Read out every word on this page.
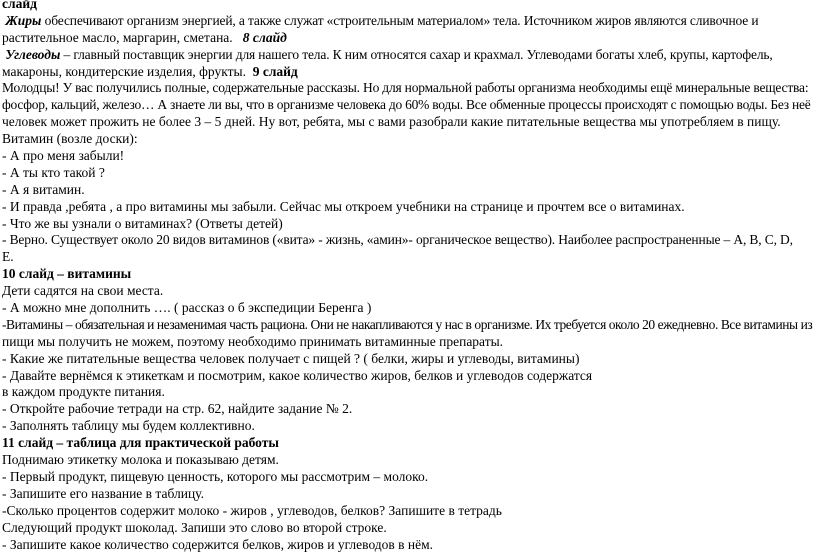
слайд
Жиры обеспечивают организм энергией, а также служат «строительным материалом» тела. Источником жиров являются сливочное и
растительное масло, маргарин, сметана. 8 слайд
Углеводы – главный поставщик энергии для нашего тела. К ним относятся сахар и крахмал. Углеводами богаты хлеб, крупы, картофель,
макароны, кондитерские изделия, фрукты. 9 слайд
Молодцы! У вас получились полные, содержательные рассказы. Но для нормальной работы организма необходимы ещё минеральные вещества:
фосфор, кальций, железо… А знаете ли вы, что в организме человека до 60% воды. Все обменные процессы происходят с помощью воды. Без неё
человек может прожить не более 3 – 5 дней. Ну вот, ребята, мы с вами разобрали какие питательные вещества мы употребляем в пищу.
Витамин (возле доски):
- А про меня забыли!
- А ты кто такой ?
- А я витамин.
- И правда ,ребята , а про витамины мы забыли. Сейчас мы откроем учебники на странице и прочтем все о витаминах.
- Что же вы узнали о витаминах? (Ответы детей)
- Верно. Существует около 20 видов витаминов («вита» - жизнь, «амин»- органическое вещество). Наиболее распространенные – А, В, С, D,
Е.
10 слайд – витамины
Дети садятся на свои места.
- А можно мне дополнить …. ( рассказ о б экспедиции Беренга )
-Витамины – обязательная и незаменимая часть рациона. Они не накапливаются у нас в организме. Их требуется около 20 ежедневно. Все витамины из
пищи мы получить не можем, поэтому необходимо принимать витаминные препараты.
- Какие же питательные вещества человек получает с пищей ? ( белки, жиры и углеводы, витамины)
- Давайте вернёмся к этикеткам и посмотрим, какое количество жиров, белков и углеводов содержатся
в каждом продукте питания.
- Откройте рабочие тетради на стр. 62, найдите задание № 2.
- Заполнять таблицу мы будем коллективно.
11 слайд – таблица для практической работы
Поднимаю этикетку молока и показываю детям.
- Первый продукт, пищевую ценность, которого мы рассмотрим – молоко.
- Запишите его название в таблицу.
-Сколько процентов содержит молоко - жиров , углеводов, белков? Запишите в тетрадь
Следующий продукт шоколад. Запиши это слово во второй строке.
- Запишите какое количество содержится белков, жиров и углеводов в нём.
